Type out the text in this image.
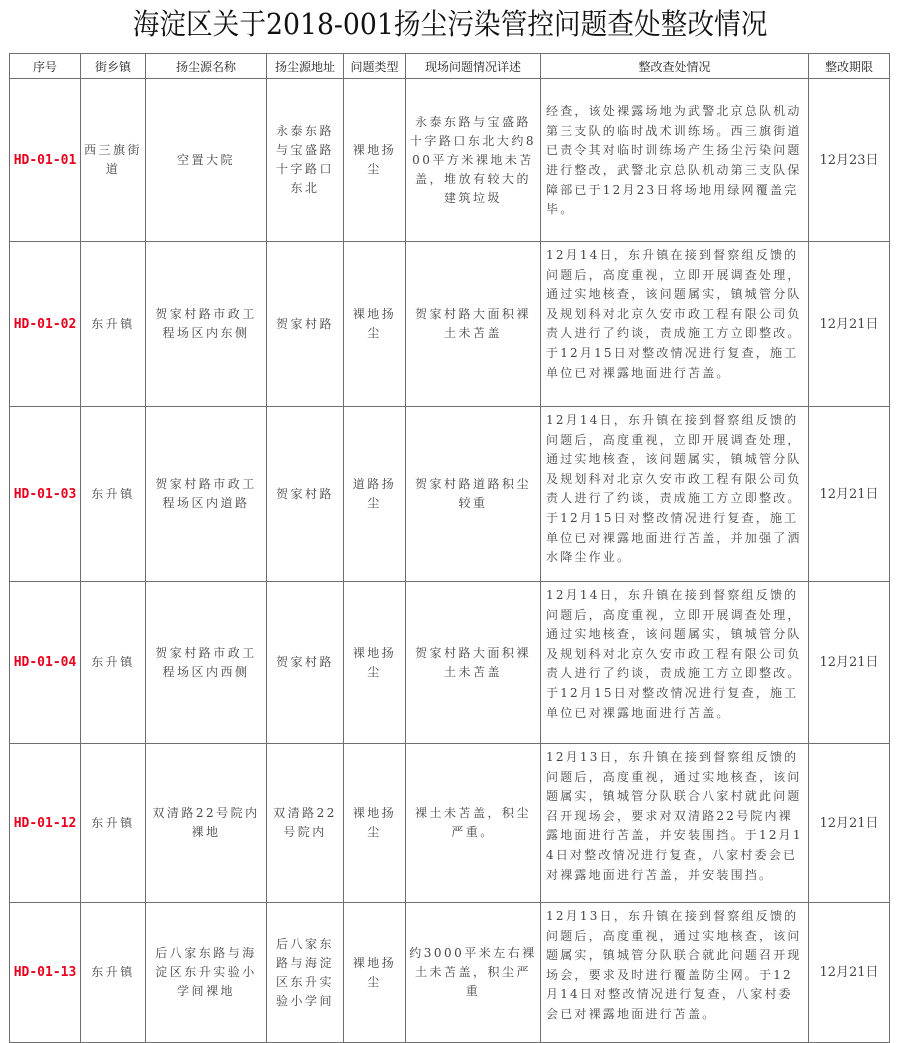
海淀区关于2018-001扬尘污染管控问题查处整改情况
序号	街乡镇	扬尘源名称	扬尘源地址	问题类型	现场问题情况详述	整改查处情况	整改期限
HD-01-01	西三旗街道	空置大院	永泰东路与宝盛路十字路口东北	裸地扬尘	永泰东路与宝盛路十字路口东北大约800平方米裸地未苫盖，堆放有较大的建筑垃圾	经查，该处裸露场地为武警北京总队机动第三支队的临时战术训练场。西三旗街道已责令其对临时训练场产生扬尘污染问题进行整改，武警北京总队机动第三支队保障部已于12月23日将场地用绿网覆盖完毕。	12月23日
HD-01-02	东升镇	贺家村路市政工程场区内东侧	贺家村路	裸地扬尘	贺家村路大面积裸土未苫盖	12月14日，东升镇在接到督察组反馈的问题后，高度重视，立即开展调查处理，通过实地核查，该问题属实，镇城管分队及规划科对北京久安市政工程有限公司负责人进行了约谈，责成施工方立即整改。于12月15日对整改情况进行复查，施工单位已对裸露地面进行苫盖。	12月21日
HD-01-03	东升镇	贺家村路市政工程场区内道路	贺家村路	道路扬尘	贺家村路道路积尘较重	12月14日，东升镇在接到督察组反馈的问题后，高度重视，立即开展调查处理，通过实地核查，该问题属实，镇城管分队及规划科对北京久安市政工程有限公司负责人进行了约谈，责成施工方立即整改。于12月15日对整改情况进行复查，施工单位已对裸露地面进行苫盖，并加强了洒水降尘作业。	12月21日
HD-01-04	东升镇	贺家村路市政工程场区内西侧	贺家村路	裸地扬尘	贺家村路大面积裸土未苫盖	12月14日，东升镇在接到督察组反馈的问题后，高度重视，立即开展调查处理，通过实地核查，该问题属实，镇城管分队及规划科对北京久安市政工程有限公司负责人进行了约谈，责成施工方立即整改。于12月15日对整改情况进行复查，施工单位已对裸露地面进行苫盖。	12月21日
HD-01-12	东升镇	双清路22号院内裸地	双清路22号院内	裸地扬尘	裸土未苫盖，积尘严重。	12月13日，东升镇在接到督察组反馈的问题后，高度重视，通过实地核查，该问题属实，镇城管分队联合八家村就此问题召开现场会，要求对双清路22号院内裸露地面进行苫盖，并安装围挡。于12月14日对整改情况进行复查，八家村委会已对裸露地面进行苫盖，并安装围挡。	12月21日
HD-01-13	东升镇	后八家东路与海淀区东升实验小学间裸地	后八家东路与海淀区东升实验小学间	裸地扬尘	约3000平米左右裸土未苫盖，积尘严重	12月13日，东升镇在接到督察组反馈的问题后，高度重视，通过实地核查，该问题属实，镇城管分队联合就此问题召开现场会，要求及时进行覆盖防尘网。于12月14日对整改情况进行复查，八家村委会已对裸露地面进行苫盖。	12月21日
